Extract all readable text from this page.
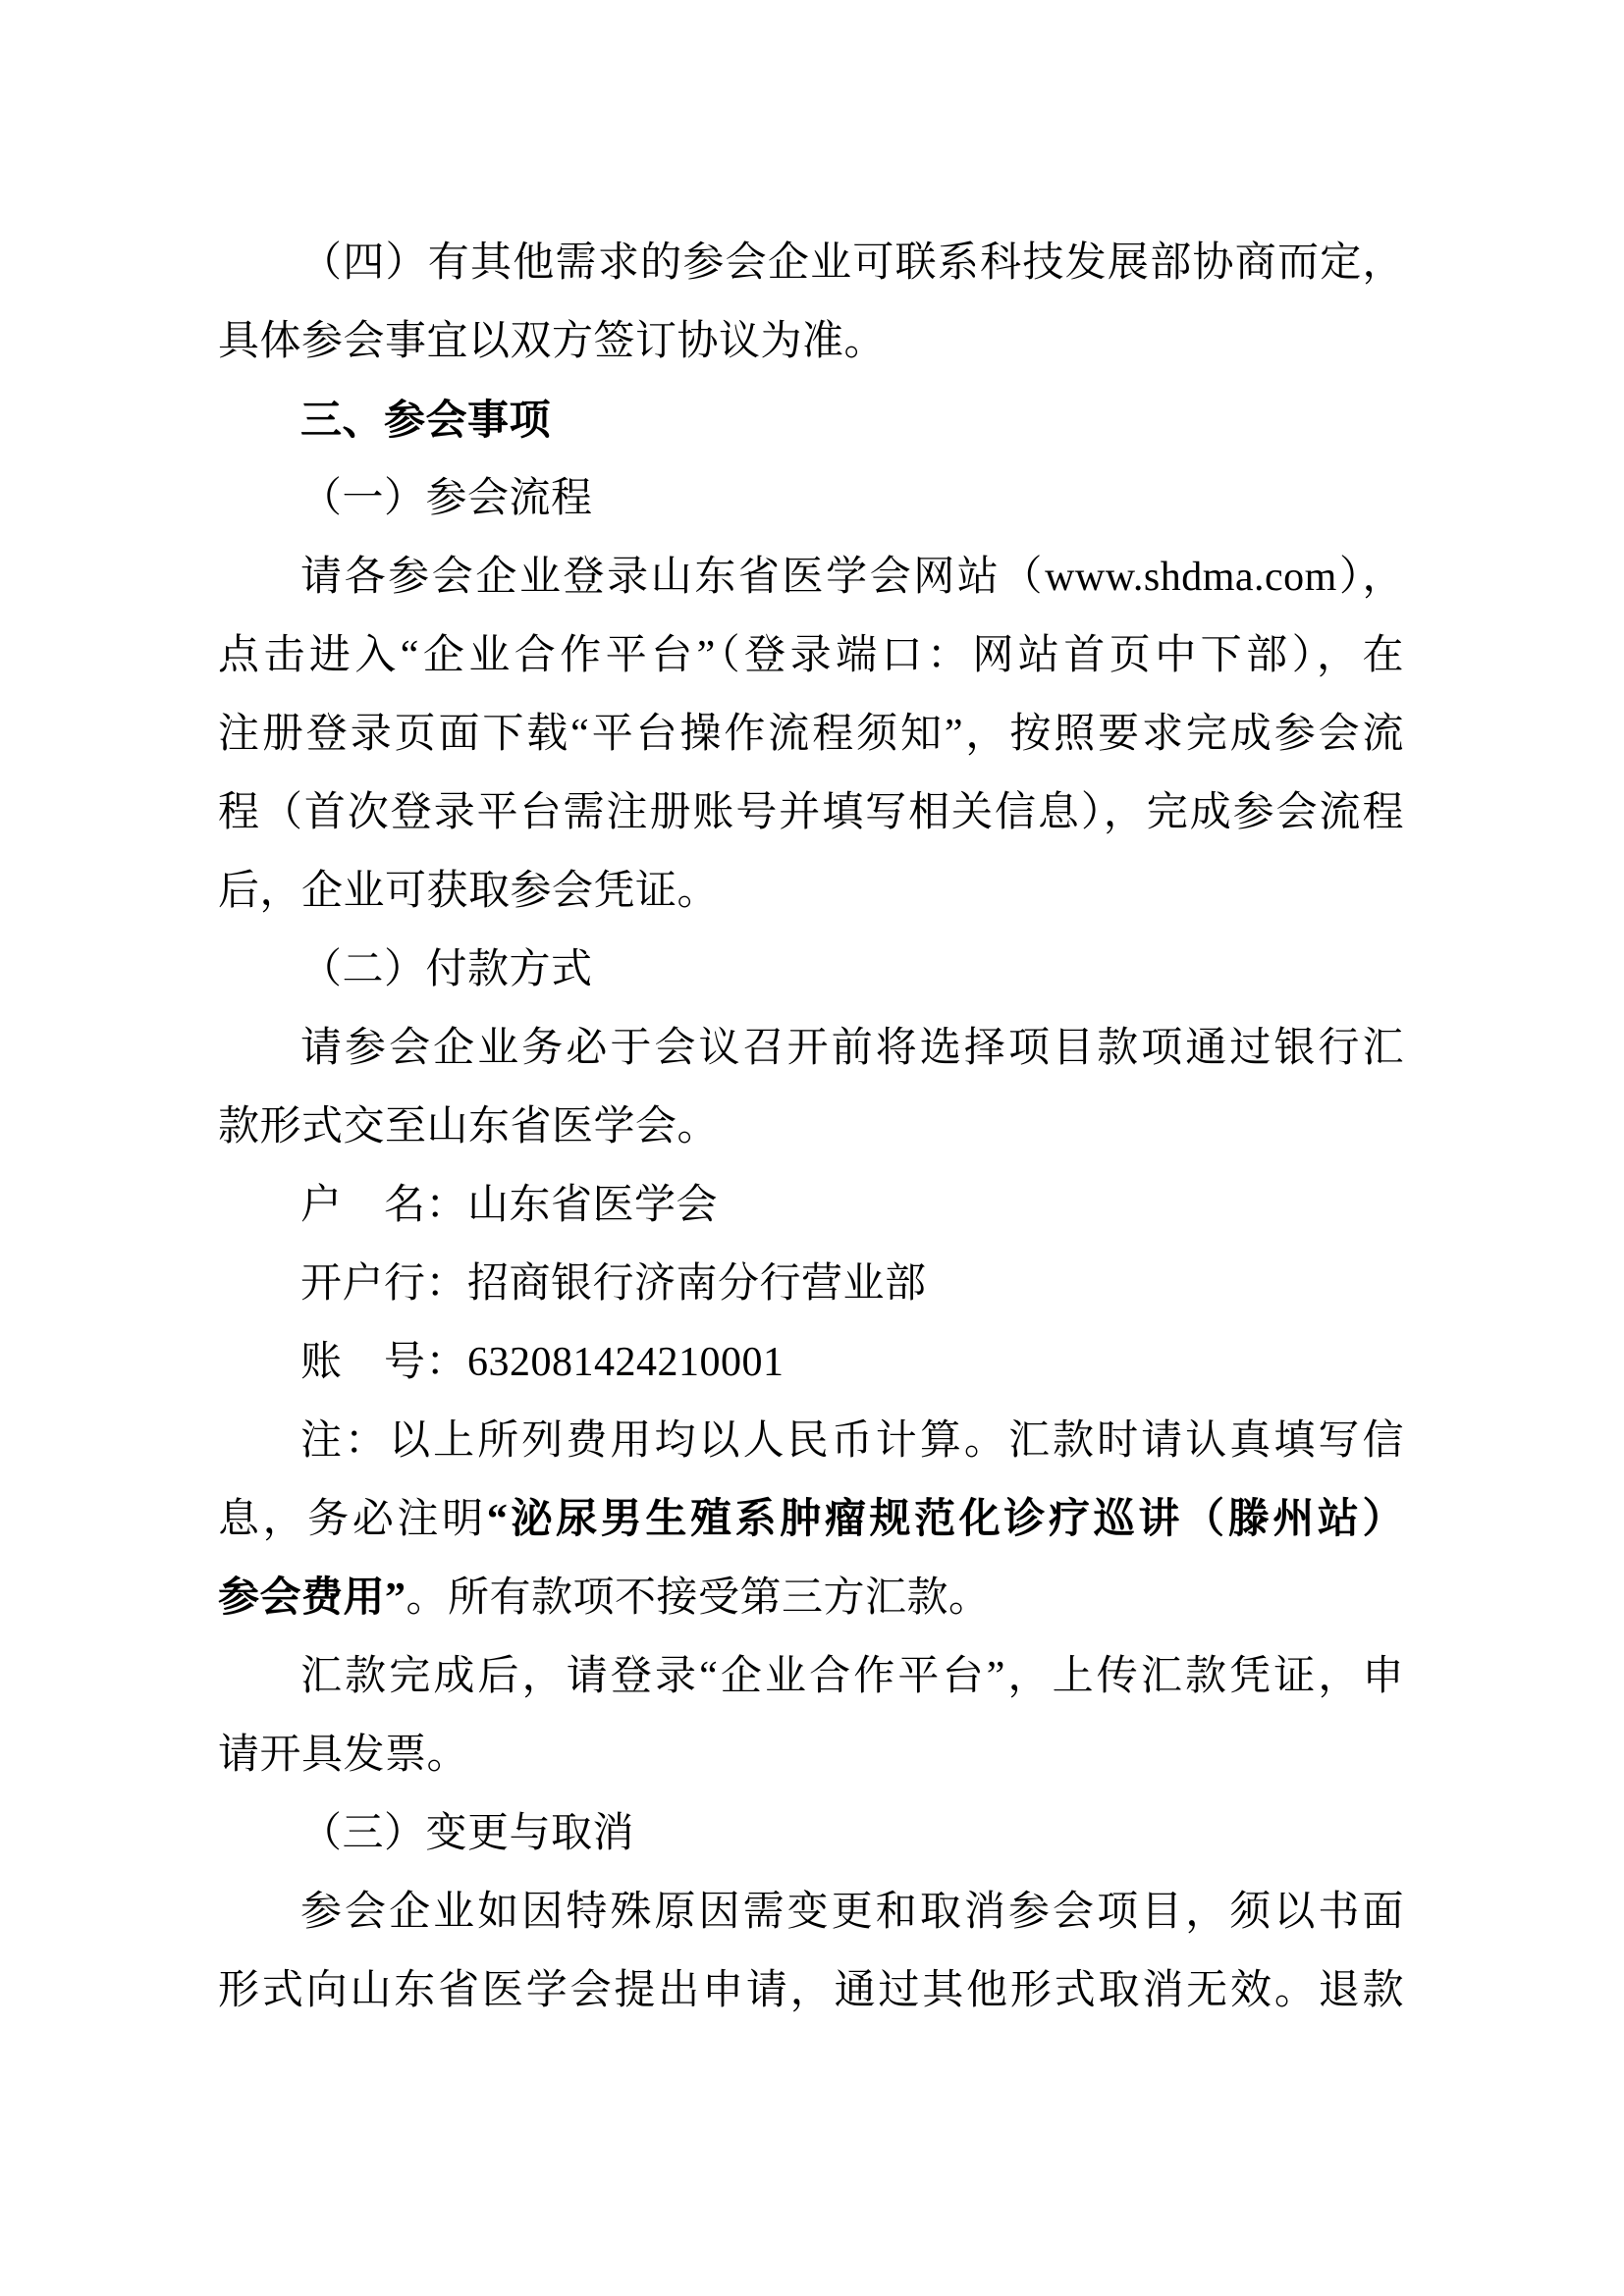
（四）有其他需求的参会企业可联系科技发展部协商而定，
具体参会事宜以双方签订协议为准。
三、参会事项
（一）参会流程
请各参会企业登录山东省医学会网站（www.shdma.com），
点击进入“企业合作平台”（登录端口：网站首页中下部），在
注册登录页面下载“平台操作流程须知”，按照要求完成参会流
程（首次登录平台需注册账号并填写相关信息），完成参会流程
后，企业可获取参会凭证。
（二）付款方式
请参会企业务必于会议召开前将选择项目款项通过银行汇
款形式交至山东省医学会。
户　名：山东省医学会
开户行：招商银行济南分行营业部
账　号：632081424210001
注：以上所列费用均以人民币计算。汇款时请认真填写信
息，务必注明“泌尿男生殖系肿瘤规范化诊疗巡讲（滕州站）
参会费用”。所有款项不接受第三方汇款。
汇款完成后，请登录“企业合作平台”，上传汇款凭证，申
请开具发票。
（三）变更与取消
参会企业如因特殊原因需变更和取消参会项目，须以书面
形式向山东省医学会提出申请，通过其他形式取消无效。退款
